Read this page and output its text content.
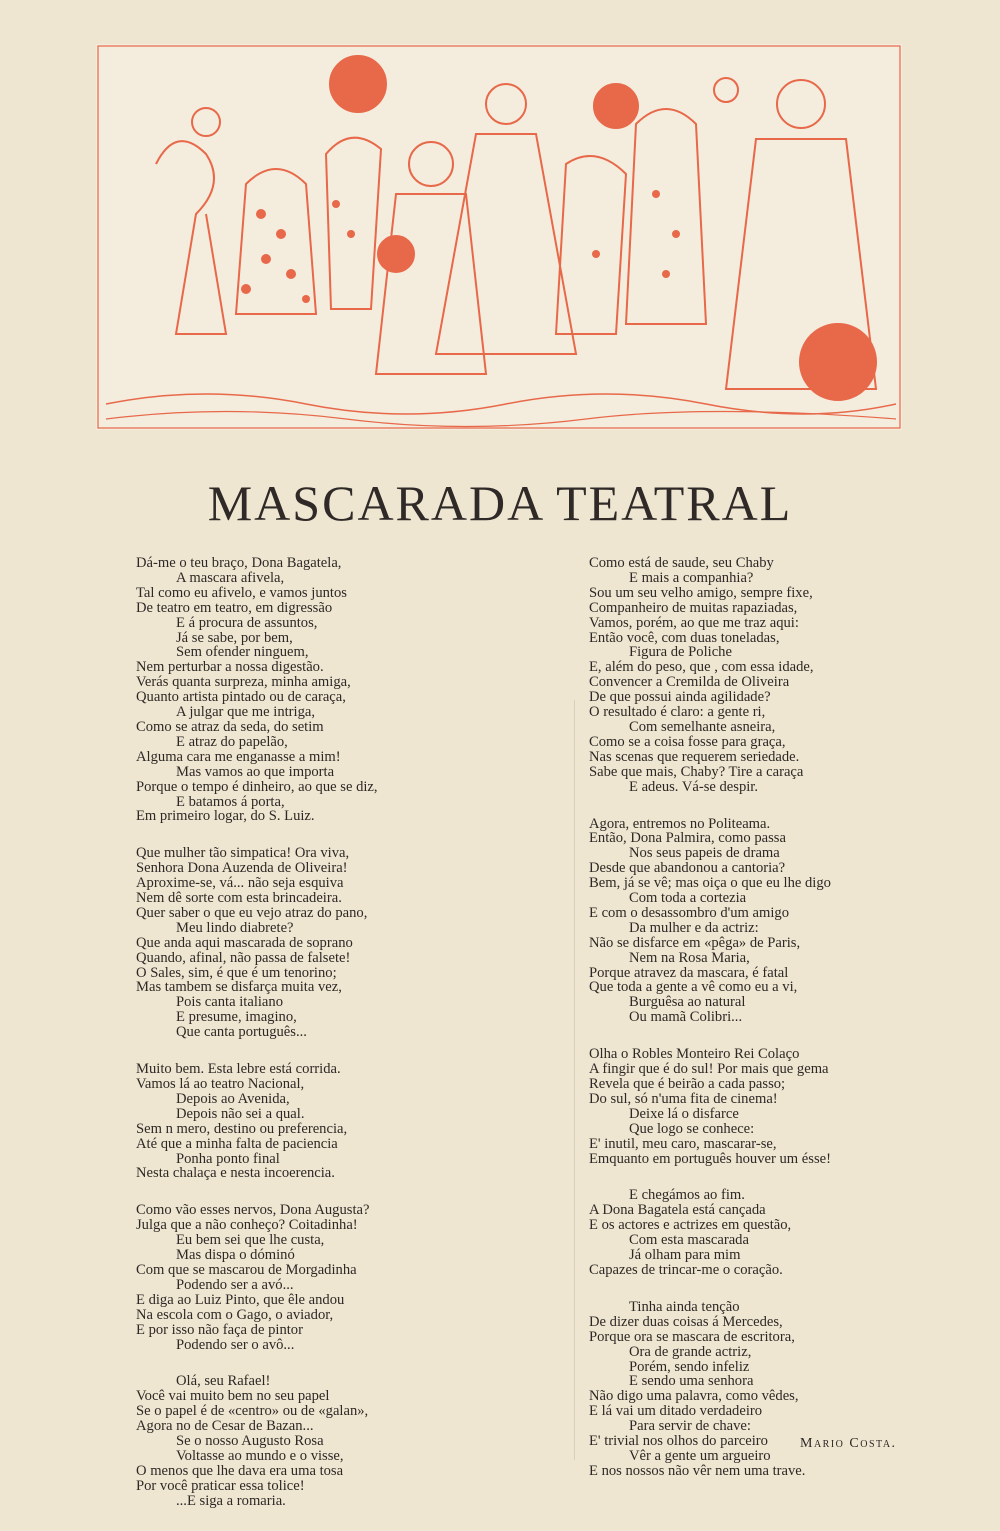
MASCARADA TEATRAL
Dá-me o teu braço, Dona Bagatela,
A mascara afivela,
Tal como eu afivelo, e vamos juntos
De teatro em teatro, em digressão
E á procura de assuntos,
Já se sabe, por bem,
Sem ofender ninguem,
Nem perturbar a nossa digestão.
Verás quanta surpreza, minha amiga,
Quanto artista pintado ou de caraça,
A julgar que me intriga,
Como se atraz da seda, do setim
E atraz do papelão,
Alguma cara me enganasse a mim!
Mas vamos ao que importa
Porque o tempo é dinheiro, ao que se diz,
E batamos á porta,
Em primeiro logar, do S. Luiz.
Que mulher tão simpatica! Ora viva,
Senhora Dona Auzenda de Oliveira!
Aproxime-se, vá... não seja esquiva
Nem dê sorte com esta brincadeira.
Quer saber o que eu vejo atraz do pano,
Meu lindo diabrete?
Que anda aqui mascarada de soprano
Quando, afinal, não passa de falsete!
O Sales, sim, é que é um tenorino;
Mas tambem se disfarça muita vez,
Pois canta italiano
E presume, imagino,
Que canta português...
Muito bem. Esta lebre está corrida.
Vamos lá ao teatro Nacional,
Depois ao Avenida,
Depois não sei a qual.
Sem n mero, destino ou preferencia,
Até que a minha falta de paciencia
Ponha ponto final
Nesta chalaça e nesta incoerencia.
Como vão esses nervos, Dona Augusta?
Julga que a não conheço? Coitadinha!
Eu bem sei que lhe custa,
Mas dispa o dóminó
Com que se mascarou de Morgadinha
Podendo ser a avó...
E diga ao Luiz Pinto, que êle andou
Na escola com o Gago, o aviador,
E por isso não faça de pintor
Podendo ser o avô...
Olá, seu Rafael!
Você vai muito bem no seu papel
Se o papel é de «centro» ou de «galan»,
Agora no de Cesar de Bazan...
Se o nosso Augusto Rosa
Voltasse ao mundo e o visse,
O menos que lhe dava era uma tosa
Por você praticar essa tolice!
...E siga a romaria.
Como está de saude, seu Chaby
E mais a companhia?
Sou um seu velho amigo, sempre fixe,
Companheiro de muitas rapaziadas,
Vamos, porém, ao que me traz aqui:
Então você, com duas toneladas,
Figura de Poliche
E, além do peso, que , com essa idade,
Convencer a Cremilda de Oliveira
De que possui ainda agilidade?
O resultado é claro: a gente ri,
Com semelhante asneira,
Como se a coisa fosse para graça,
Nas scenas que requerem seriedade.
Sabe que mais, Chaby? Tire a caraça
E adeus. Vá-se despir.
Agora, entremos no Politeama.
Então, Dona Palmira, como passa
Nos seus papeis de drama
Desde que abandonou a cantoria?
Bem, já se vê; mas oiça o que eu lhe digo
Com toda a cortezia
E com o desassombro d'um amigo
Da mulher e da actriz:
Não se disfarce em «pêga» de Paris,
Nem na Rosa Maria,
Porque atravez da mascara, é fatal
Que toda a gente a vê como eu a vi,
Burguêsa ao natural
Ou mamã Colibri...
Olha o Robles Monteiro Rei Colaço
A fingir que é do sul! Por mais que gema
Revela que é beirão a cada passo;
Do sul, só n'uma fita de cinema!
Deixe lá o disfarce
Que logo se conhece:
E' inutil, meu caro, mascarar-se,
Emquanto em português houver um ésse!
E chegámos ao fim.
A Dona Bagatela está cançada
E os actores e actrizes em questão,
Com esta mascarada
Já olham para mim
Capazes de trincar-me o coração.
Tinha ainda tenção
De dizer duas coisas á Mercedes,
Porque ora se mascara de escritora,
Ora de grande actriz,
Porém, sendo infeliz
E sendo uma senhora
Não digo uma palavra, como vêdes,
E lá vai um ditado verdadeiro
Para servir de chave:
E' trivial nos olhos do parceiro
Vêr a gente um argueiro
E nos nossos não vêr nem uma trave.
Mario Costa.
